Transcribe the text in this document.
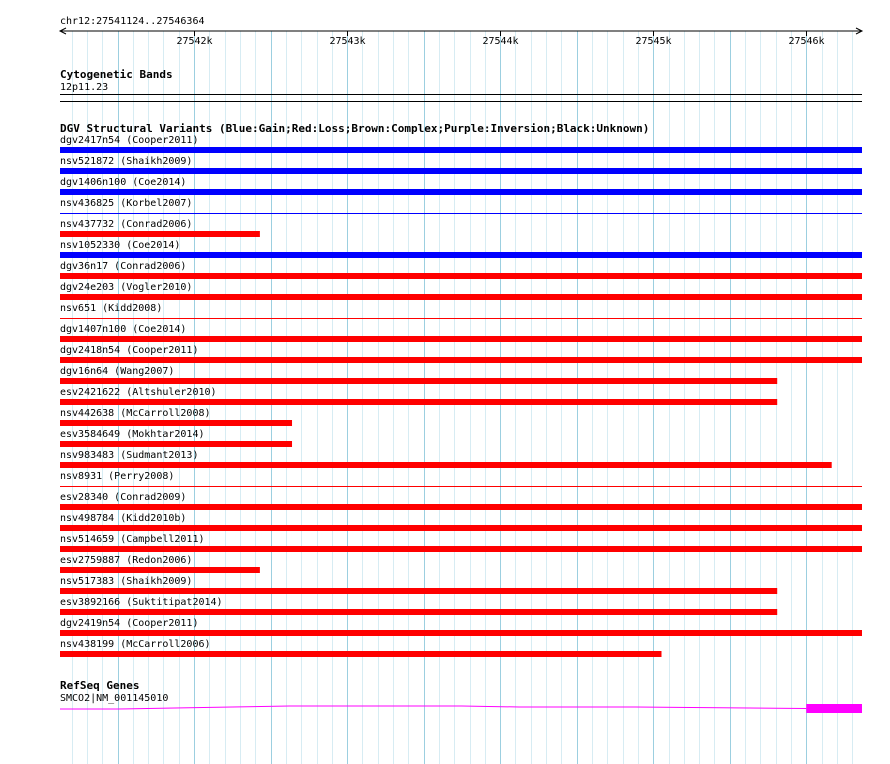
chr12:27541124..27546364
27542k	27543k	27544k	27545k	27546k
Cytogenetic Bands
12p11.23
DGV Structural Variants (Blue:Gain;Red:Loss;Brown:Complex;Purple:Inversion;Black:Unknown)
dgv2417n54 (Cooper2011)
nsv521872 (Shaikh2009)
dgv1406n100 (Coe2014)
nsv436825 (Korbel2007)
nsv437732 (Conrad2006)
nsv1052330 (Coe2014)
dgv36n17 (Conrad2006)
dgv24e203 (Vogler2010)
nsv651 (Kidd2008)
dgv1407n100 (Coe2014)
dgv2418n54 (Cooper2011)
dgv16n64 (Wang2007)
esv2421622 (Altshuler2010)
nsv442638 (McCarroll2008)
esv3584649 (Mokhtar2014)
nsv983483 (Sudmant2013)
nsv8931 (Perry2008)
esv28340 (Conrad2009)
nsv498784 (Kidd2010b)
nsv514659 (Campbell2011)
esv2759887 (Redon2006)
nsv517383 (Shaikh2009)
esv3892166 (Suktitipat2014)
dgv2419n54 (Cooper2011)
nsv438199 (McCarroll2006)
RefSeq Genes
SMCO2|NM_001145010
